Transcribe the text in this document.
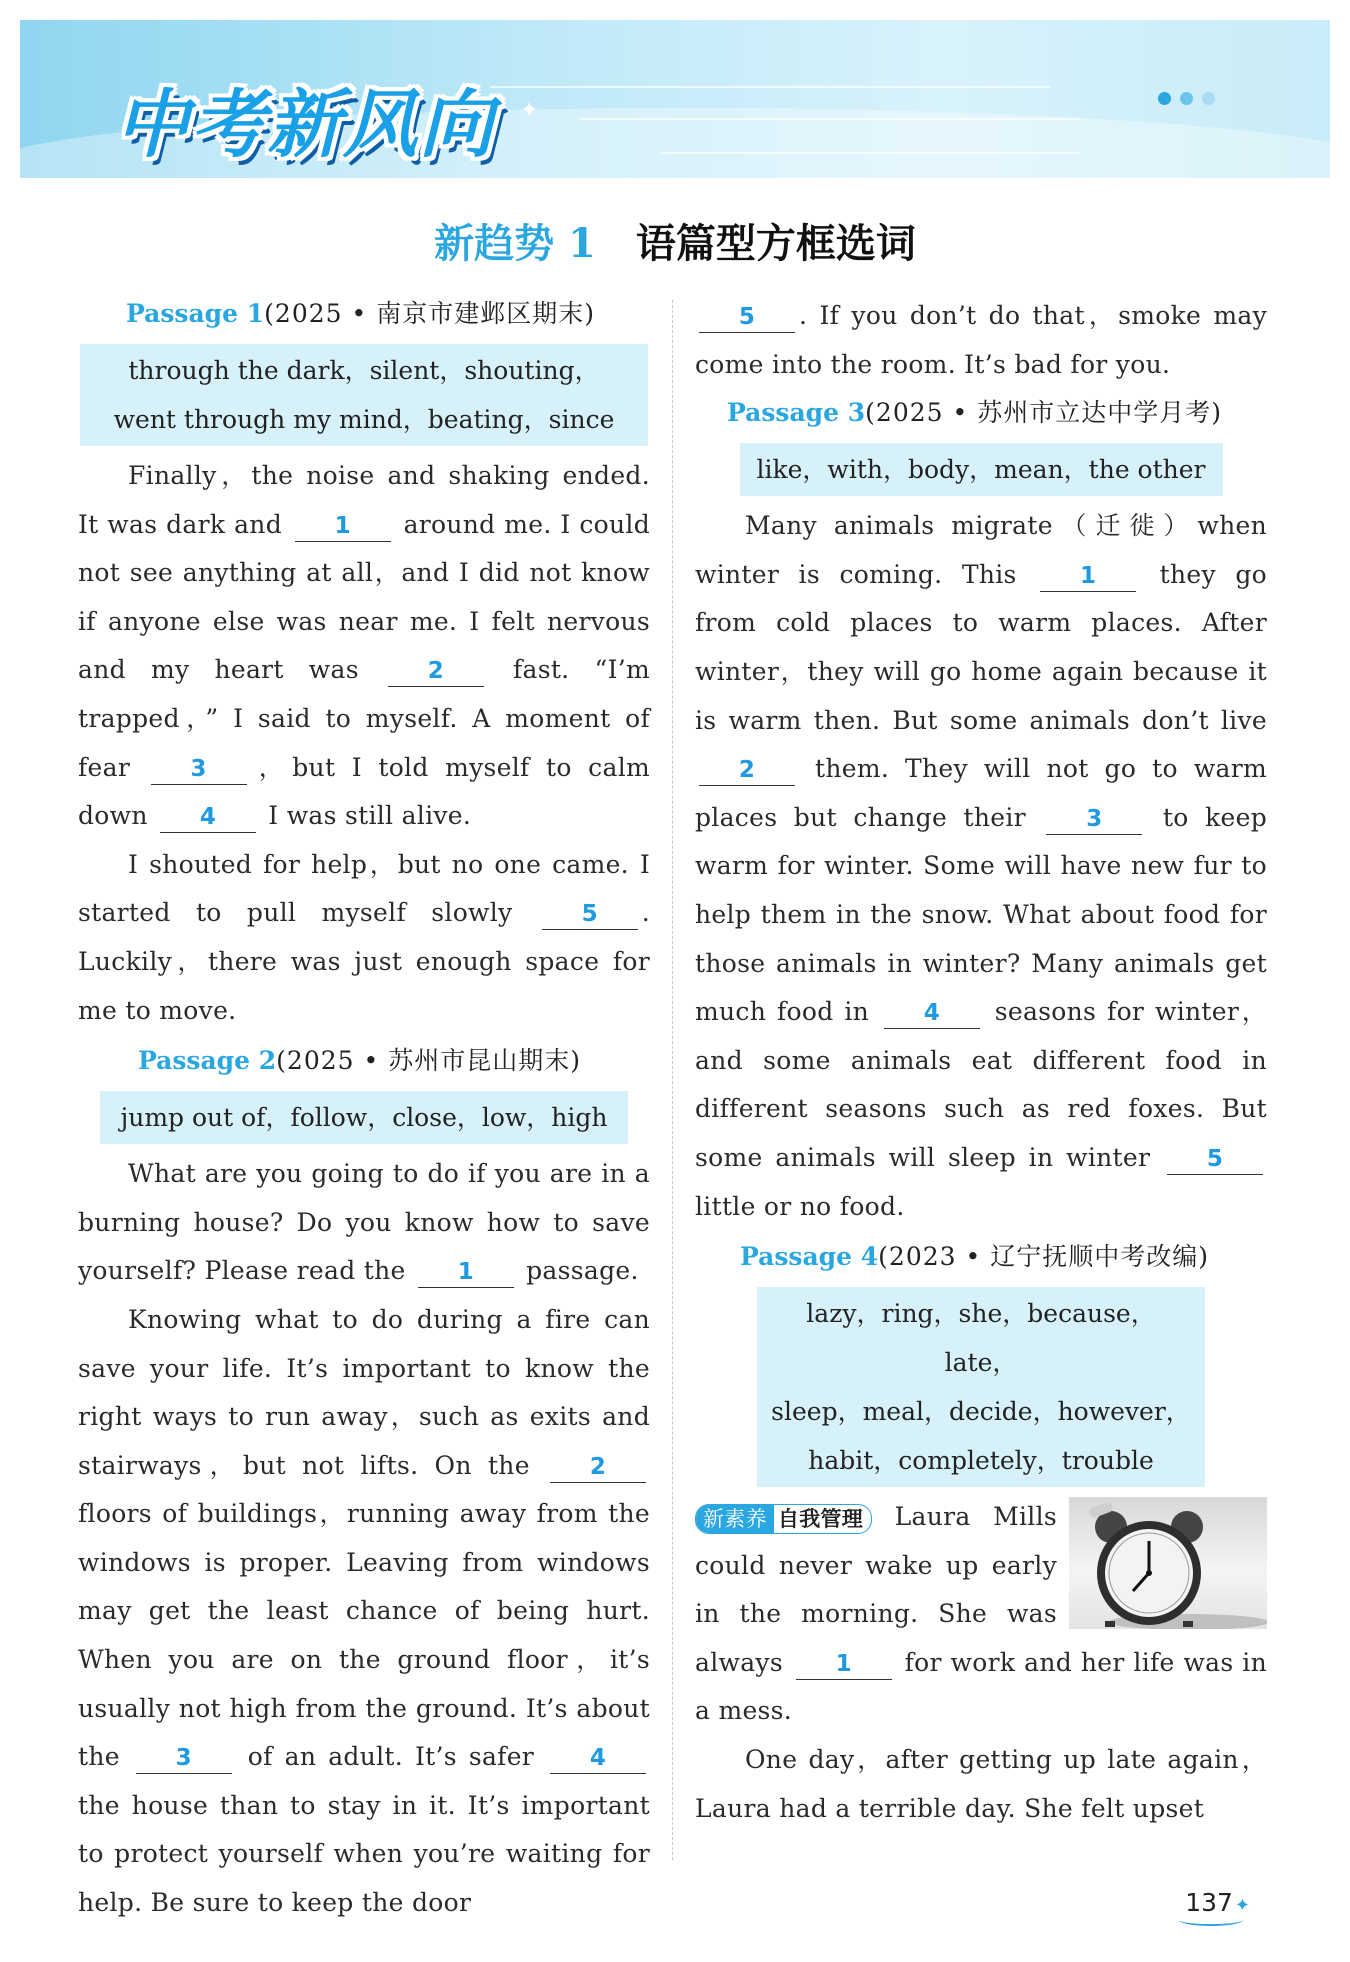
中考新风向 ✦
新趋势 1 语篇型方框选词
Passage 1(2025 • 南京市建邺区期末)
through the dark，silent，shouting，
went through my mind，beating，since

Finally，the noise and shaking ended. It was dark and 1 around me. I could not see anything at all，and I did not know if anyone else was near me. I felt nervous and my heart was	2	fast. “I’m trapped，” I said to myself. A moment of fear	3 ，but I told myself to calm down 4 I was still alive.

I shouted for help，but no one came. I started to pull myself slowly	5 . Luckily，there was just enough space for me to move.

Passage 2(2025 • 苏州市昆山期末)
jump out of，follow，close，low，high

What are you going to do if you are in a burning house? Do you know how to save yourself? Please read the 1 passage.

Knowing what to do during a fire can save your life. It’s important to know the right ways to run away，such as exits and stairways，but not lifts. On the	2 floors of buildings，running away from the windows is proper. Leaving from windows may get the least chance of being hurt. When you are on the ground floor，it’s usually not high from the ground. It’s about the 3 of an adult. It’s safer 4 the house than to stay in it. It’s important to protect yourself when you’re waiting for help. Be sure to keep the door

5 . If you don’t do that，smoke may come into the room. It’s bad for you.

Passage 3(2025 • 苏州市立达中学月考)
like，with，body，mean，the other

Many animals migrate（迁徙）when winter is coming. This	1	they go from cold places to warm places. After winter，they will go home again because it is warm then. But some animals don’t live 2 them. They will not go to warm places but change their	3 to keep warm for winter. Some will have new fur to help them in the snow. What about food for those animals in winter? Many animals get much food in 4 seasons for winter，and some animals eat different food in different seasons such as red foxes. But some animals will sleep in winter 5 little or no food.

Passage 4(2023 • 辽宁抚顺中考改编)
lazy，ring，she，because，late，
sleep，meal，decide，however，
habit，completely，trouble

新素养 自我管理 Laura Mills could never wake up early in the morning. She was always 1 for work and her life was in a mess.

One day，after getting up late again，Laura had a terrible day. She felt upset

137 ✦
